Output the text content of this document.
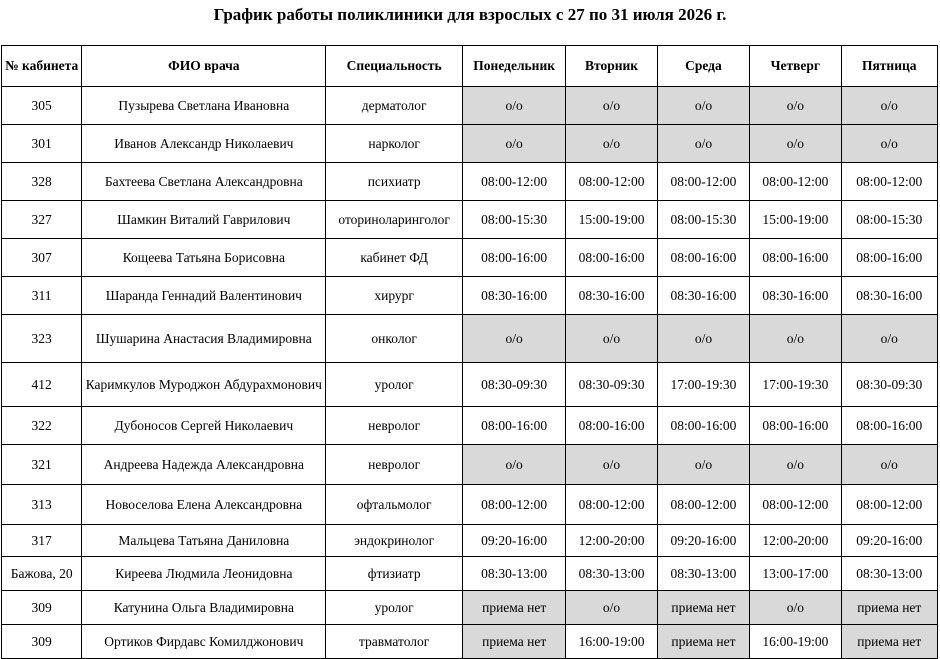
График работы поликлиники для взрослых с 27 по 31 июля 2026 г.
№ кабинета	ФИО врача	Специальность	Понедельник	Вторник	Среда	Четверг	Пятница
305	Пузырева Светлана Ивановна	дерматолог	о/о	о/о	о/о	о/о	о/о
301	Иванов Александр Николаевич	нарколог	о/о	о/о	о/о	о/о	о/о
328	Бахтеева Светлана Александровна	психиатр	08:00-12:00	08:00-12:00	08:00-12:00	08:00-12:00	08:00-12:00
327	Шамкин Виталий Гаврилович	оториноларинголог	08:00-15:30	15:00-19:00	08:00-15:30	15:00-19:00	08:00-15:30
307	Кощеева Татьяна Борисовна	кабинет ФД	08:00-16:00	08:00-16:00	08:00-16:00	08:00-16:00	08:00-16:00
311	Шаранда Геннадий Валентинович	хирург	08:30-16:00	08:30-16:00	08:30-16:00	08:30-16:00	08:30-16:00
323	Шушарина Анастасия Владимировна	онколог	о/о	о/о	о/о	о/о	о/о
412	Каримкулов Муроджон Абдурахмонович	уролог	08:30-09:30	08:30-09:30	17:00-19:30	17:00-19:30	08:30-09:30
322	Дубоносов Сергей Николаевич	невролог	08:00-16:00	08:00-16:00	08:00-16:00	08:00-16:00	08:00-16:00
321	Андреева Надежда Александровна	невролог	о/о	о/о	о/о	о/о	о/о
313	Новоселова Елена Александровна	офтальмолог	08:00-12:00	08:00-12:00	08:00-12:00	08:00-12:00	08:00-12:00
317	Мальцева Татьяна Даниловна	эндокринолог	09:20-16:00	12:00-20:00	09:20-16:00	12:00-20:00	09:20-16:00
Бажова, 20	Киреева Людмила Леонидовна	фтизиатр	08:30-13:00	08:30-13:00	08:30-13:00	13:00-17:00	08:30-13:00
309	Катунина Ольга Владимировна	уролог	приема нет	о/о	приема нет	о/о	приема нет
309	Ортиков Фирдавс Комилджонович	травматолог	приема нет	16:00-19:00	приема нет	16:00-19:00	приема нет
